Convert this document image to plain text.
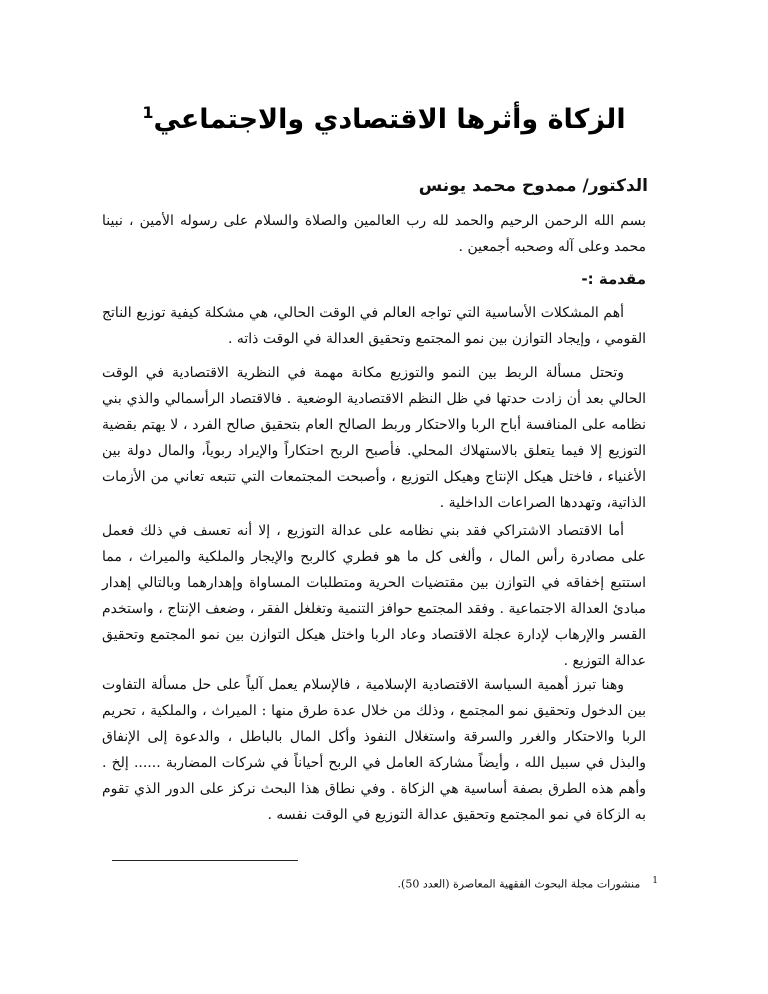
الزكاة وأثرها الاقتصادي والاجتماعي$^1$
الدكتور/ ممدوح محمد يونس
بسم الله الرحمن الرحيم والحمد لله رب العالمين والصلاة والسلام على رسوله الأمين ، نبينا محمد وعلى آله وصحبه أجمعين .
مقدمة :-
أهم المشكلات الأساسية التي تواجه العالم في الوقت الحالي، هي مشكلة كيفية توزيع الناتج القومي ، وإيجاد التوازن بين نمو المجتمع وتحقيق العدالة في الوقت ذاته .
وتحتل مسألة الربط بين النمو والتوزيع مكانة مهمة في النظرية الاقتصادية في الوقت الحالي بعد أن زادت حدتها في ظل النظم الاقتصادية الوضعية . فالاقتصاد الرأسمالي والذي بني نظامه على المنافسة أباح الربا والاحتكار وربط الصالح العام بتحقيق صالح الفرد ، لا يهتم بقضية التوزيع إلا فيما يتعلق بالاستهلاك المحلي. فأصبح الربح احتكاراً والإيراد ربوياً، والمال دولة بين الأغنياء ، فاختل هيكل الإنتاج وهيكل التوزيع ، وأصبحت المجتمعات التي تتبعه تعاني من الأزمات الذاتية، وتهددها الصراعات الداخلية .
أما الاقتصاد الاشتراكي فقد بني نظامه على عدالة التوزيع ، إلا أنه تعسف في ذلك فعمل على مصادرة رأس المال ، وألغى كل ما هو فطري كالربح والإيجار والملكية والميراث ، مما استتبع إخفاقه في التوازن بين مقتضيات الحرية ومتطلبات المساواة وإهدارهما وبالتالي إهدار مبادئ العدالة الاجتماعية . وفقد المجتمع حوافز التنمية وتغلغل الفقر ، وضعف الإنتاج ، واستخدم القسر والإرهاب لإدارة عجلة الاقتصاد وعاد الربا واختل هيكل التوازن بين نمو المجتمع وتحقيق عدالة التوزيع .
وهنا تبرز أهمية السياسة الاقتصادية الإسلامية ، فالإسلام يعمل آلياً على حل مسألة التفاوت بين الدخول وتحقيق نمو المجتمع ، وذلك من خلال عدة طرق منها : الميراث ، والملكية ، تحريم الربا والاحتكار والغرر والسرقة واستغلال النفوذ وأكل المال بالباطل ، والدعوة إلى الإنفاق والبذل في سبيل الله ، وأيضاً مشاركة العامل في الربح أحياناً في شركات المضاربة ...... إلخ . وأهم هذه الطرق بصفة أساسية هي الزكاة . وفي نطاق هذا البحث نركز على الدور الذي تقوم به الزكاة في نمو المجتمع وتحقيق عدالة التوزيع في الوقت نفسه .
$^1$منشورات مجلة البحوث الفقهية المعاصرة (العدد 50).
